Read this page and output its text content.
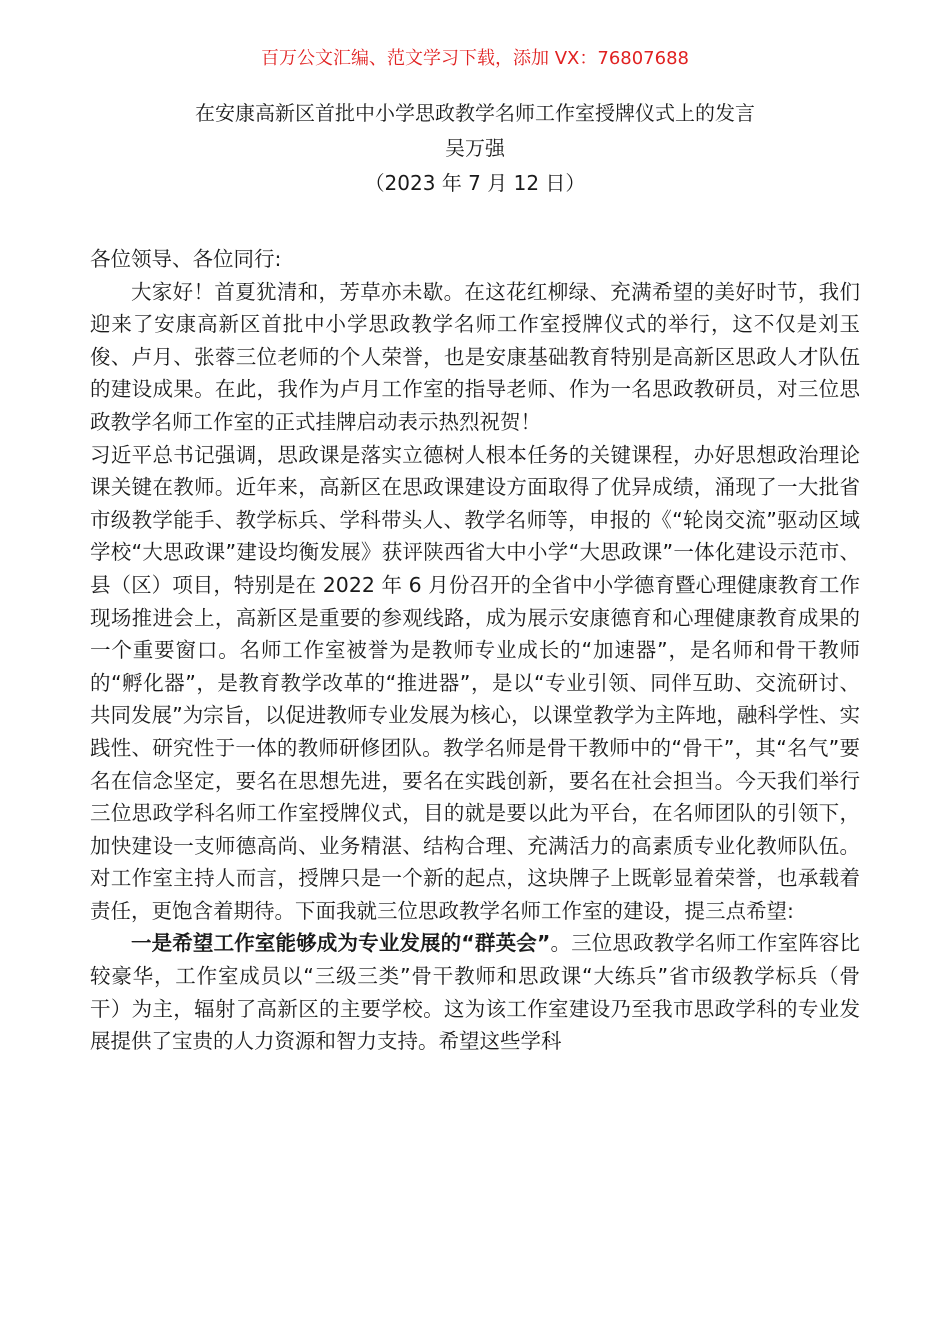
百万公文汇编、范文学习下载，添加 VX：76807688
在安康高新区首批中小学思政教学名师工作室授牌仪式上的发言
吴万强
（2023 年 7 月 12 日）

各位领导、各位同行:

大家好！首夏犹清和，芳草亦未歇。在这花红柳绿、充满希望的美好时节，我们迎来了安康高新区首批中小学思政教学名师工作室授牌仪式的举行，这不仅是刘玉俊、卢月、张蓉三位老师的个人荣誉，也是安康基础教育特别是高新区思政人才队伍的建设成果。在此，我作为卢月工作室的指导老师、作为一名思政教研员，对三位思政教学名师工作室的正式挂牌启动表示热烈祝贺！

习近平总书记强调，思政课是落实立德树人根本任务的关键课程，办好思想政治理论课关键在教师。近年来，高新区在思政课建设方面取得了优异成绩，涌现了一大批省市级教学能手、教学标兵、学科带头人、教学名师等，申报的《“轮岗交流”驱动区域学校“大思政课”建设均衡发展》获评陕西省大中小学“大思政课”一体化建设示范市、县（区）项目，特别是在 2022 年 6 月份召开的全省中小学德育暨心理健康教育工作现场推进会上，高新区是重要的参观线路，成为展示安康德育和心理健康教育成果的一个重要窗口。名师工作室被誉为是教师专业成长的“加速器”，是名师和骨干教师的“孵化器”，是教育教学改革的“推进器”，是以“专业引领、同伴互助、交流研讨、共同发展”为宗旨，以促进教师专业发展为核心，以课堂教学为主阵地，融科学性、实践性、研究性于一体的教师研修团队。教学名师是骨干教师中的“骨干”，其“名气”要名在信念坚定，要名在思想先进，要名在实践创新，要名在社会担当。今天我们举行三位思政学科名师工作室授牌仪式，目的就是要以此为平台，在名师团队的引领下，加快建设一支师德高尚、业务精湛、结构合理、充满活力的高素质专业化教师队伍。对工作室主持人而言，授牌只是一个新的起点，这块牌子上既彰显着荣誉，也承载着责任，更饱含着期待。下面我就三位思政教学名师工作室的建设，提三点希望:

一是希望工作室能够成为专业发展的“群英会”。三位思政教学名师工作室阵容比较豪华，工作室成员以“三级三类”骨干教师和思政课“大练兵”省市级教学标兵（骨干）为主，辐射了高新区的主要学校。这为该工作室建设乃至我市思政学科的专业发展提供了宝贵的人力资源和智力支持。希望这些学科
